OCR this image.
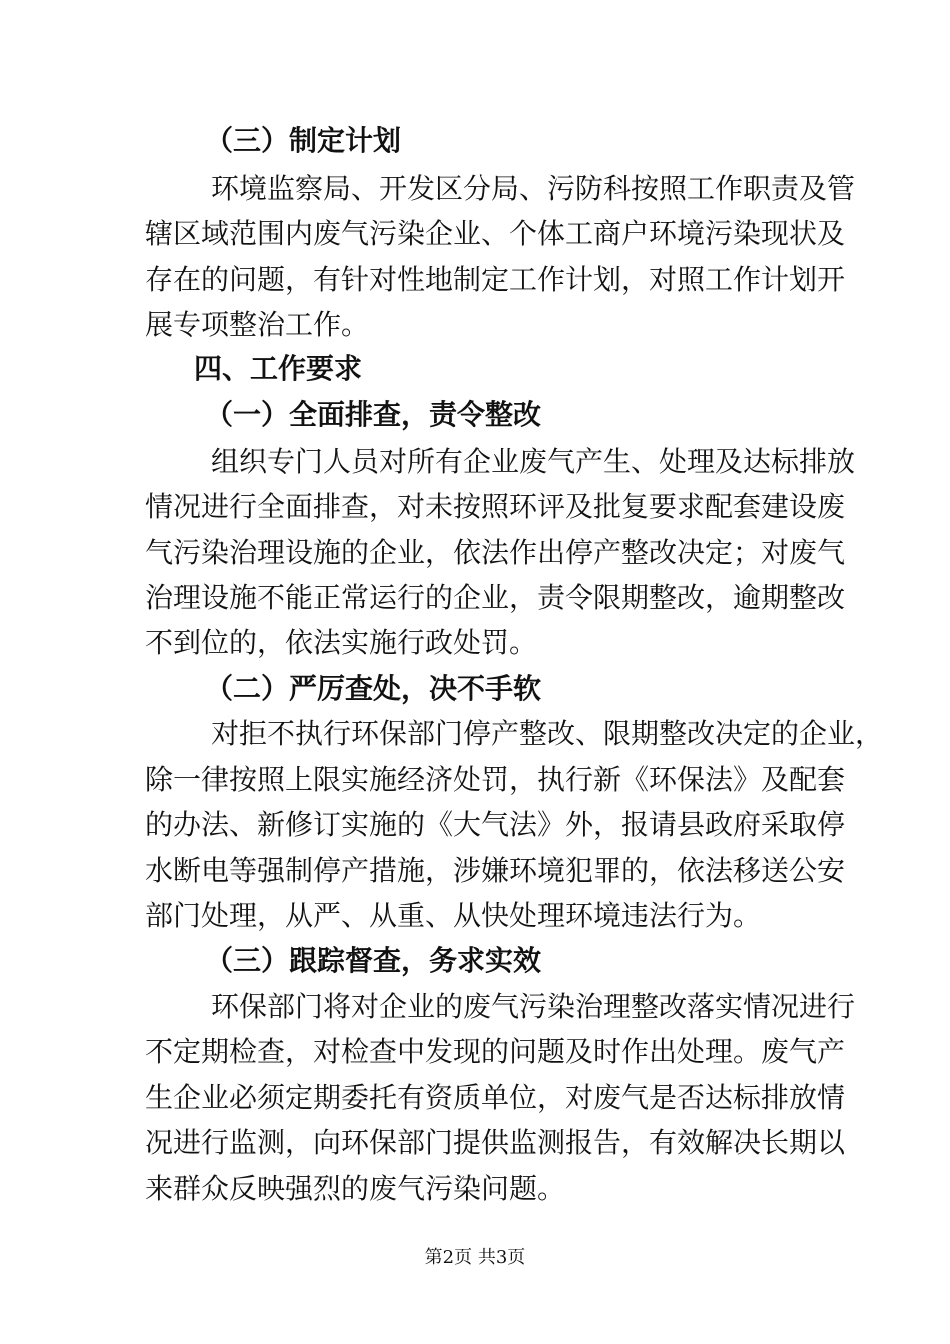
（三）制定计划
环境监察局、开发区分局、污防科按照工作职责及管
辖区域范围内废气污染企业、个体工商户环境污染现状及
存在的问题，有针对性地制定工作计划，对照工作计划开
展专项整治工作。
四、工作要求
（一）全面排查，责令整改
组织专门人员对所有企业废气产生、处理及达标排放
情况进行全面排查，对未按照环评及批复要求配套建设废
气污染治理设施的企业，依法作出停产整改决定；对废气
治理设施不能正常运行的企业，责令限期整改，逾期整改
不到位的，依法实施行政处罚。
（二）严厉查处，决不手软
对拒不执行环保部门停产整改、限期整改决定的企业，
除一律按照上限实施经济处罚，执行新《环保法》及配套
的办法、新修订实施的《大气法》外，报请县政府采取停
水断电等强制停产措施，涉嫌环境犯罪的，依法移送公安
部门处理，从严、从重、从快处理环境违法行为。
（三）跟踪督查，务求实效
环保部门将对企业的废气污染治理整改落实情况进行
不定期检查，对检查中发现的问题及时作出处理。废气产
生企业必须定期委托有资质单位，对废气是否达标排放情
况进行监测，向环保部门提供监测报告，有效解决长期以
来群众反映强烈的废气污染问题。
第2页 共3页
